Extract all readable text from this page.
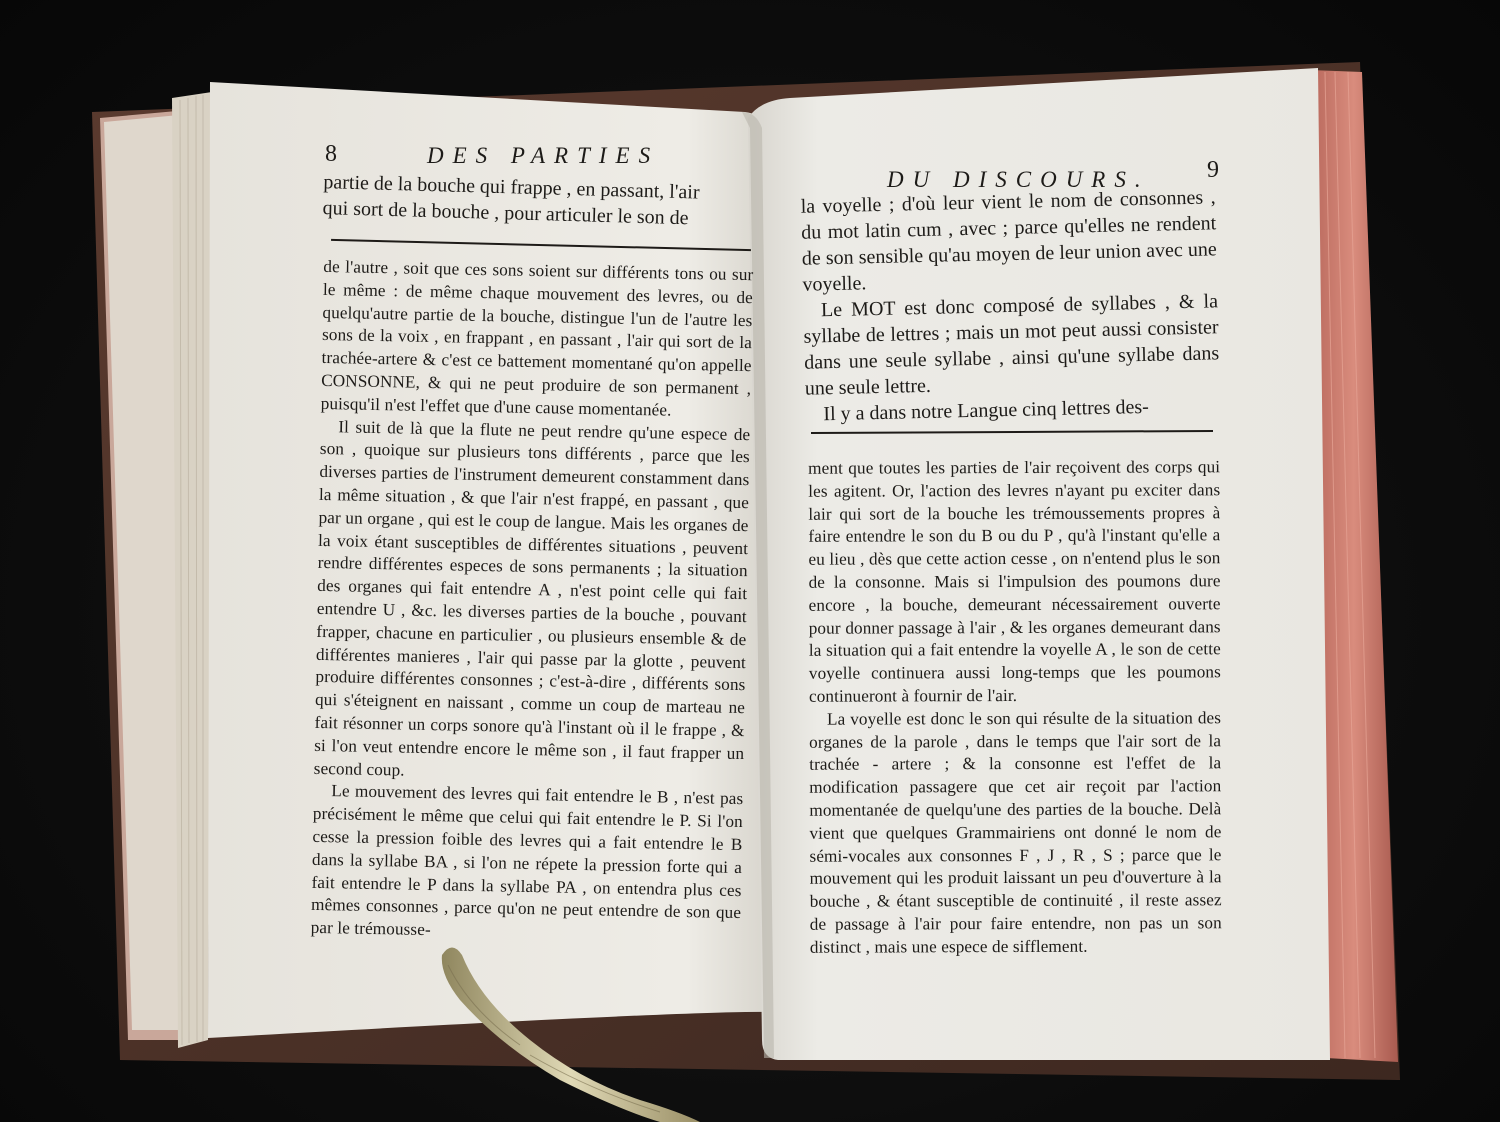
8	DES PARTIES

partie de la bouche qui frappe , en passant, l'air

qui sort de la bouche , pour articuler le son de

de l'autre , soit que ces sons soient sur différents tons ou sur le même : de même chaque mouvement des levres, ou de quelqu'autre partie de la bouche, distingue l'un de l'autre les sons de la voix , en frappant , en passant , l'air qui sort de la trachée-artere & c'est ce battement momentané qu'on appelle CONSONNE, & qui ne peut produire de son permanent , puisqu'il n'est l'effet que d'une cause momentanée.

Il suit de là que la flute ne peut rendre qu'une espece de son , quoique sur plusieurs tons différents , parce que les diverses parties de l'instrument demeurent constamment dans la même situation , & que l'air n'est frappé, en passant , que par un organe , qui est le coup de langue. Mais les organes de la voix étant susceptibles de différentes situations , peuvent rendre différentes especes de sons permanents ; la situation des organes qui fait entendre A , n'est point celle qui fait entendre U , &c. les diverses parties de la bouche , pouvant frapper, chacune en particulier , ou plusieurs ensemble & de différentes manieres , l'air qui passe par la glotte , peuvent produire différentes consonnes ; c'est-à-dire , différents sons qui s'éteignent en naissant , comme un coup de marteau ne fait résonner un corps sonore qu'à l'instant où il le frappe , & si l'on veut entendre encore le même son , il faut frapper un second coup.

Le mouvement des levres qui fait entendre le B , n'est pas précisément le même que celui qui fait entendre le P. Si l'on cesse la pression foible des levres qui a fait entendre le B dans la syllabe BA , si l'on ne répete la pression forte qui a fait entendre le P dans la syllabe PA , on entendra plus ces mêmes consonnes , parce qu'on ne peut entendre de son que par le trémousse-

DU DISCOURS. 9

la voyelle ; d'où leur vient le nom de consonnes , du mot latin cum , avec ; parce qu'elles ne rendent de son sensible qu'au moyen de leur union avec une voyelle.

Le MOT est donc composé de syllabes , & la syllabe de lettres ; mais un mot peut aussi consister dans une seule syllabe , ainsi qu'une syllabe dans une seule lettre.

Il y a dans notre Langue cinq lettres des-

ment que toutes les parties de l'air reçoivent des corps qui les agitent. Or, l'action des levres n'ayant pu exciter dans lair qui sort de la bouche les trémoussements propres à faire entendre le son du B ou du P , qu'à l'instant qu'elle a eu lieu , dès que cette action cesse , on n'entend plus le son de la consonne. Mais si l'impulsion des poumons dure encore , la bouche, demeurant nécessairement ouverte pour donner passage à l'air , & les organes demeurant dans la situation qui a fait entendre la voyelle A , le son de cette voyelle continuera aussi long-temps que les poumons continueront à fournir de l'air.

La voyelle est donc le son qui résulte de la situation des organes de la parole , dans le temps que l'air sort de la trachée - artere ; & la consonne est l'effet de la modification passagere que cet air reçoit par l'action momentanée de quelqu'une des parties de la bouche. Delà vient que quelques Grammairiens ont donné le nom de sémi-vocales aux consonnes F , J , R , S ; parce que le mouvement qui les produit laissant un peu d'ouverture à la bouche , & étant susceptible de continuité , il reste assez de passage à l'air pour faire entendre, non pas un son distinct , mais une espece de sifflement.
